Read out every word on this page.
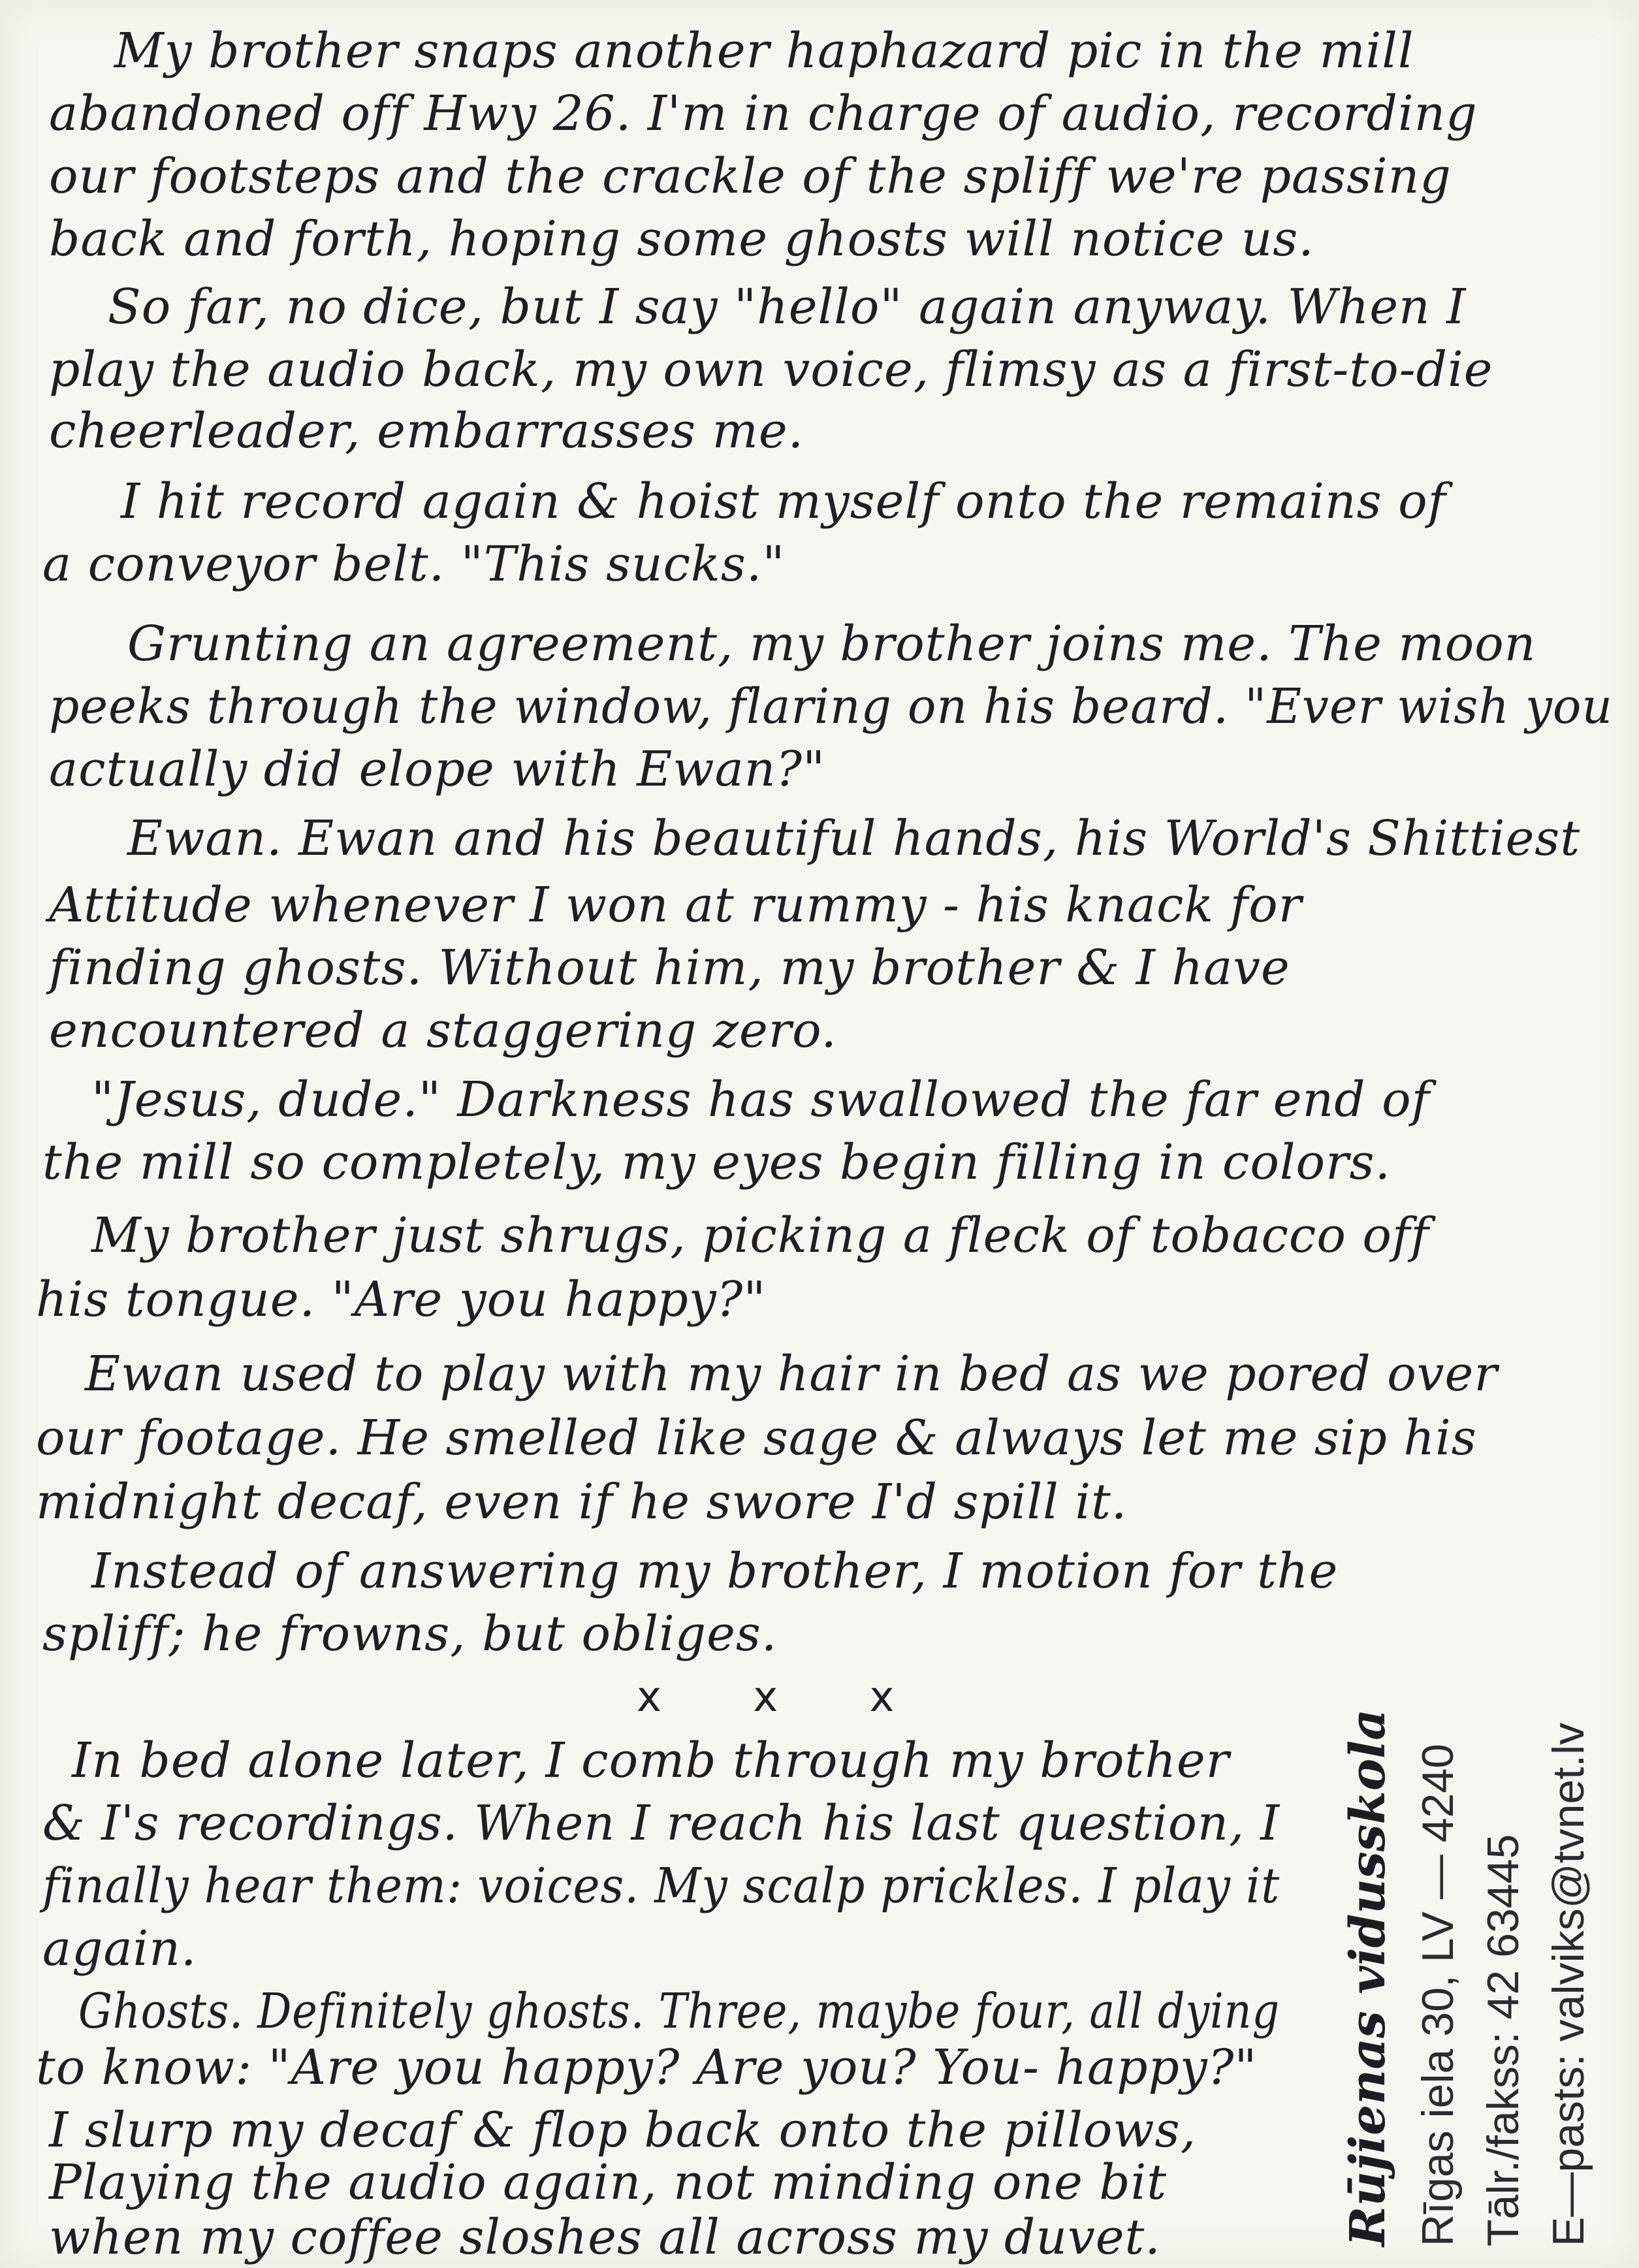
My brother snaps another haphazard pic in the mill
abandoned off Hwy 26. I'm in charge of audio, recording
our footsteps and the crackle of the spliff we're passing
back and forth, hoping some ghosts will notice us.
So far, no dice, but I say "hello" again anyway. When I
play the audio back, my own voice, flimsy as a first-to-die
cheerleader, embarrasses me.
I hit record again & hoist myself onto the remains of
a conveyor belt. "This sucks."
Grunting an agreement, my brother joins me. The moon
peeks through the window, flaring on his beard. "Ever wish you
actually did elope with Ewan?"
Ewan. Ewan and his beautiful hands, his World's Shittiest
Attitude whenever I won at rummy - his knack for
finding ghosts. Without him, my brother & I have
encountered a staggering zero.
"Jesus, dude." Darkness has swallowed the far end of
the mill so completely, my eyes begin filling in colors.
My brother just shrugs, picking a fleck of tobacco off
his tongue. "Are you happy?"
Ewan used to play with my hair in bed as we pored over
our footage. He smelled like sage & always let me sip his
midnight decaf, even if he swore I'd spill it.
Instead of answering my brother, I motion for the
spliff; he frowns, but obliges.
x x x
In bed alone later, I comb through my brother
& I's recordings. When I reach his last question, I
finally hear them: voices. My scalp prickles. I play it
again.
Ghosts. Definitely ghosts. Three, maybe four, all dying
to know: "Are you happy? Are you? You- happy?"
I slurp my decaf & flop back onto the pillows,
Playing the audio again, not minding one bit
when my coffee sloshes all across my duvet.	Rūjienas vidusskola Rīgas iela 30, LV — 4240 Tālr./fakss: 42 63445 E—pasts: valviks@tvnet.lv
